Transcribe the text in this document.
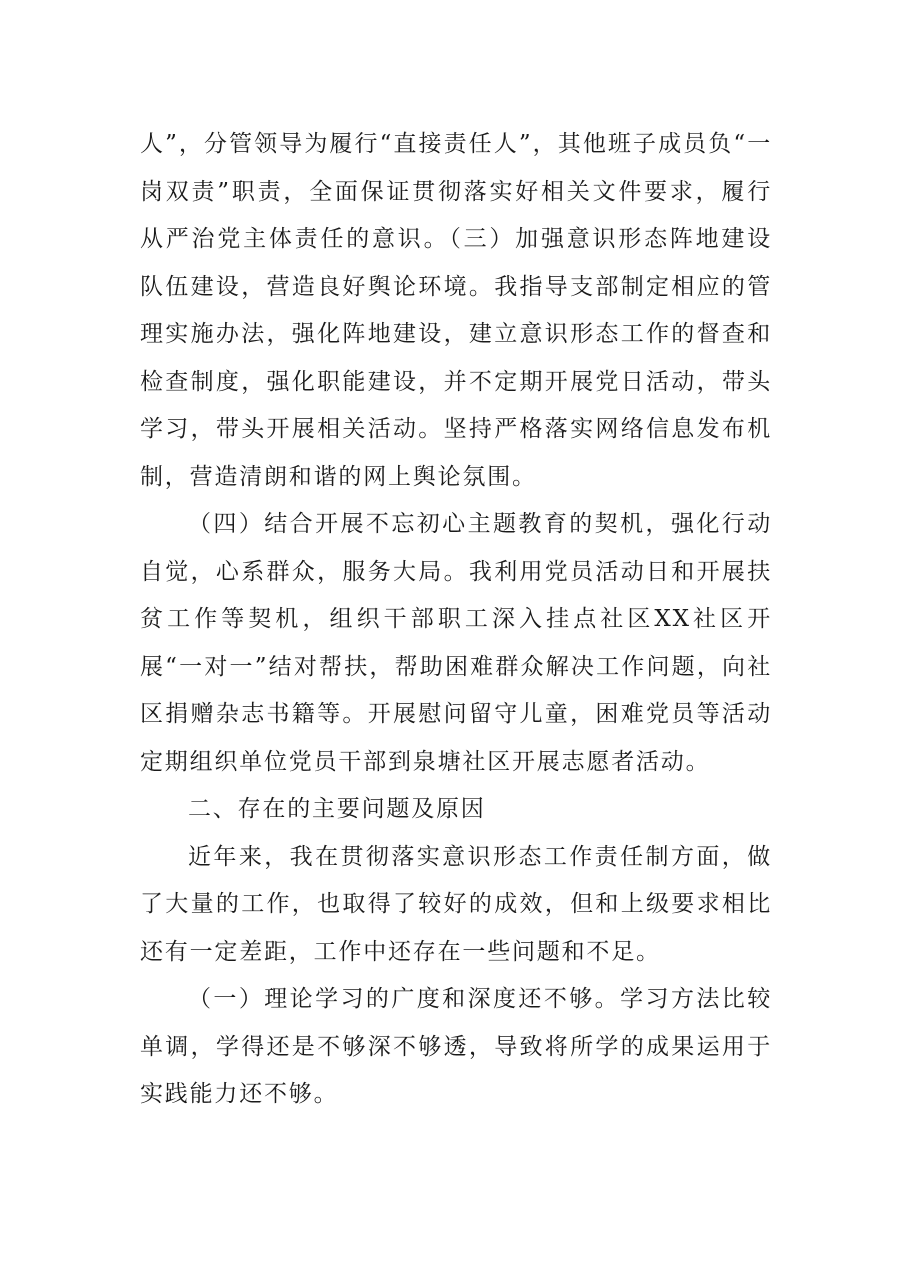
人”，分管领导为履行“直接责任人”，其他班子成员负“一岗双责”职责，全面保证贯彻落实好相关文件要求，履行从严治党主体责任的意识。（三）加强意识形态阵地建设队伍建设，营造良好舆论环境。我指导支部制定相应的管理实施办法，强化阵地建设，建立意识形态工作的督查和检查制度，强化职能建设，并不定期开展党日活动，带头学习，带头开展相关活动。坚持严格落实网络信息发布机制，营造清朗和谐的网上舆论氛围。

（四）结合开展不忘初心主题教育的契机，强化行动自觉，心系群众，服务大局。我利用党员活动日和开展扶贫工作等契机，组织干部职工深入挂点社区XX社区开展“一对一”结对帮扶，帮助困难群众解决工作问题，向社区捐赠杂志书籍等。开展慰问留守儿童，困难党员等活动定期组织单位党员干部到泉塘社区开展志愿者活动。

二、存在的主要问题及原因

近年来，我在贯彻落实意识形态工作责任制方面，做了大量的工作，也取得了较好的成效，但和上级要求相比还有一定差距，工作中还存在一些问题和不足。

（一）理论学习的广度和深度还不够。学习方法比较单调，学得还是不够深不够透，导致将所学的成果运用于实践能力还不够。
